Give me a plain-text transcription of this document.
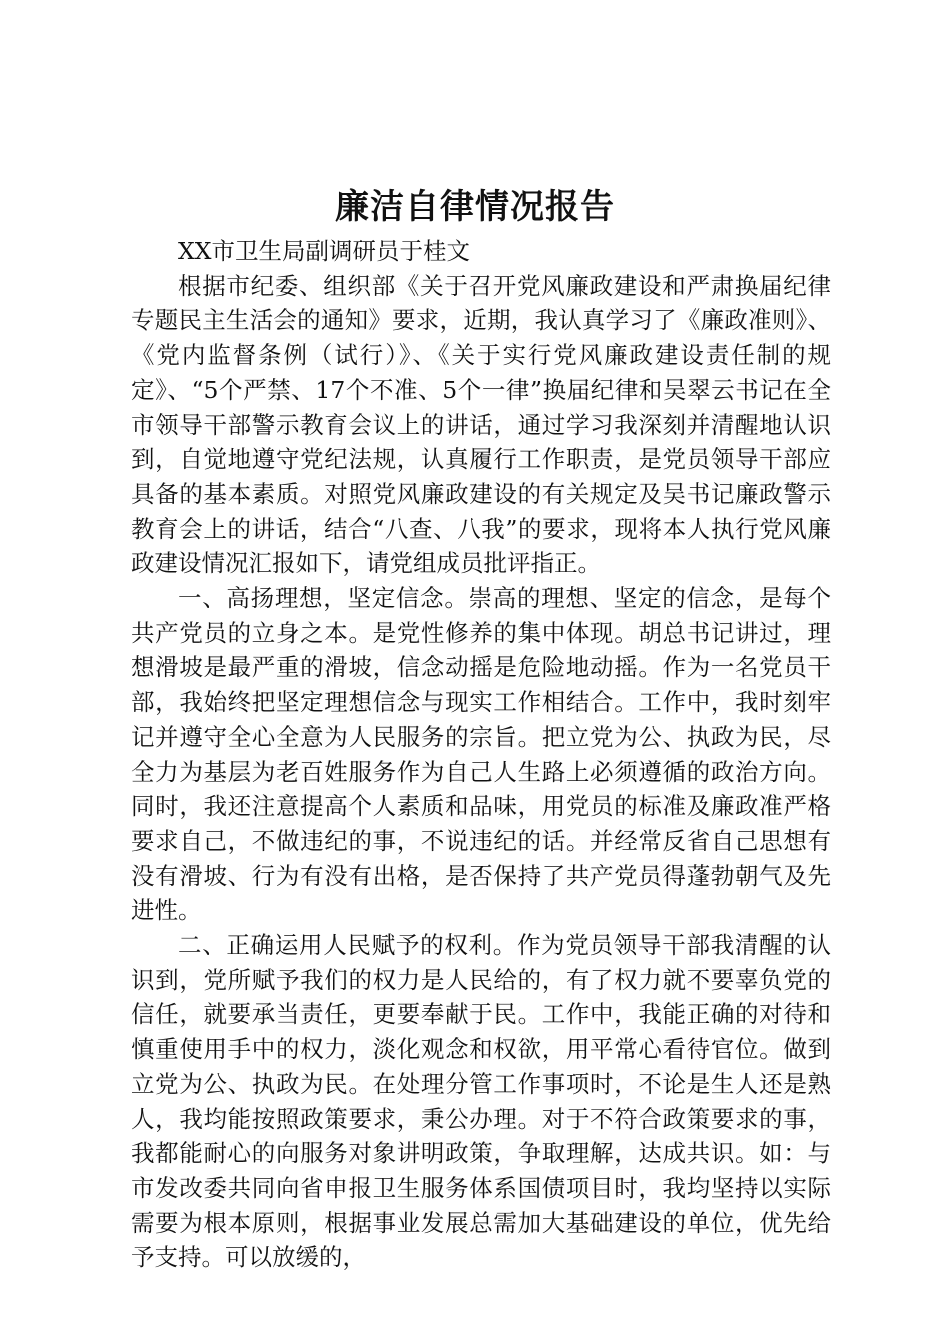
廉洁自律情况报告

XX市卫生局副调研员于桂文

根据市纪委、组织部《关于召开党风廉政建设和严肃换届纪律专题民主生活会的通知》要求，近期，我认真学习了《廉政准则》、《党内监督条例（试行）》、《关于实行党风廉政建设责任制的规定》、“5个严禁、17个不准、5个一律”换届纪律和吴翠云书记在全市领导干部警示教育会议上的讲话，通过学习我深刻并清醒地认识到，自觉地遵守党纪法规，认真履行工作职责，是党员领导干部应具备的基本素质。对照党风廉政建设的有关规定及吴书记廉政警示教育会上的讲话，结合“八查、八我”的要求，现将本人执行党风廉政建设情况汇报如下，请党组成员批评指正。

一、高扬理想，坚定信念。崇高的理想、坚定的信念，是每个共产党员的立身之本。是党性修养的集中体现。胡总书记讲过，理想滑坡是最严重的滑坡，信念动摇是危险地动摇。作为一名党员干部，我始终把坚定理想信念与现实工作相结合。工作中，我时刻牢记并遵守全心全意为人民服务的宗旨。把立党为公、执政为民，尽全力为基层为老百姓服务作为自己人生路上必须遵循的政治方向。同时，我还注意提高个人素质和品味，用党员的标准及廉政准严格要求自己，不做违纪的事，不说违纪的话。并经常反省自己思想有没有滑坡、行为有没有出格，是否保持了共产党员得蓬勃朝气及先进性。

二、正确运用人民赋予的权利。作为党员领导干部我清醒的认识到，党所赋予我们的权力是人民给的，有了权力就不要辜负党的信任，就要承当责任，更要奉献于民。工作中，我能正确的对待和慎重使用手中的权力，淡化观念和权欲，用平常心看待官位。做到立党为公、执政为民。在处理分管工作事项时，不论是生人还是熟人，我均能按照政策要求，秉公办理。对于不符合政策要求的事，我都能耐心的向服务对象讲明政策，争取理解，达成共识。如：与市发改委共同向省申报卫生服务体系国债项目时，我均坚持以实际需要为根本原则，根据事业发展总需加大基础建设的单位，优先给予支持。可以放缓的，
